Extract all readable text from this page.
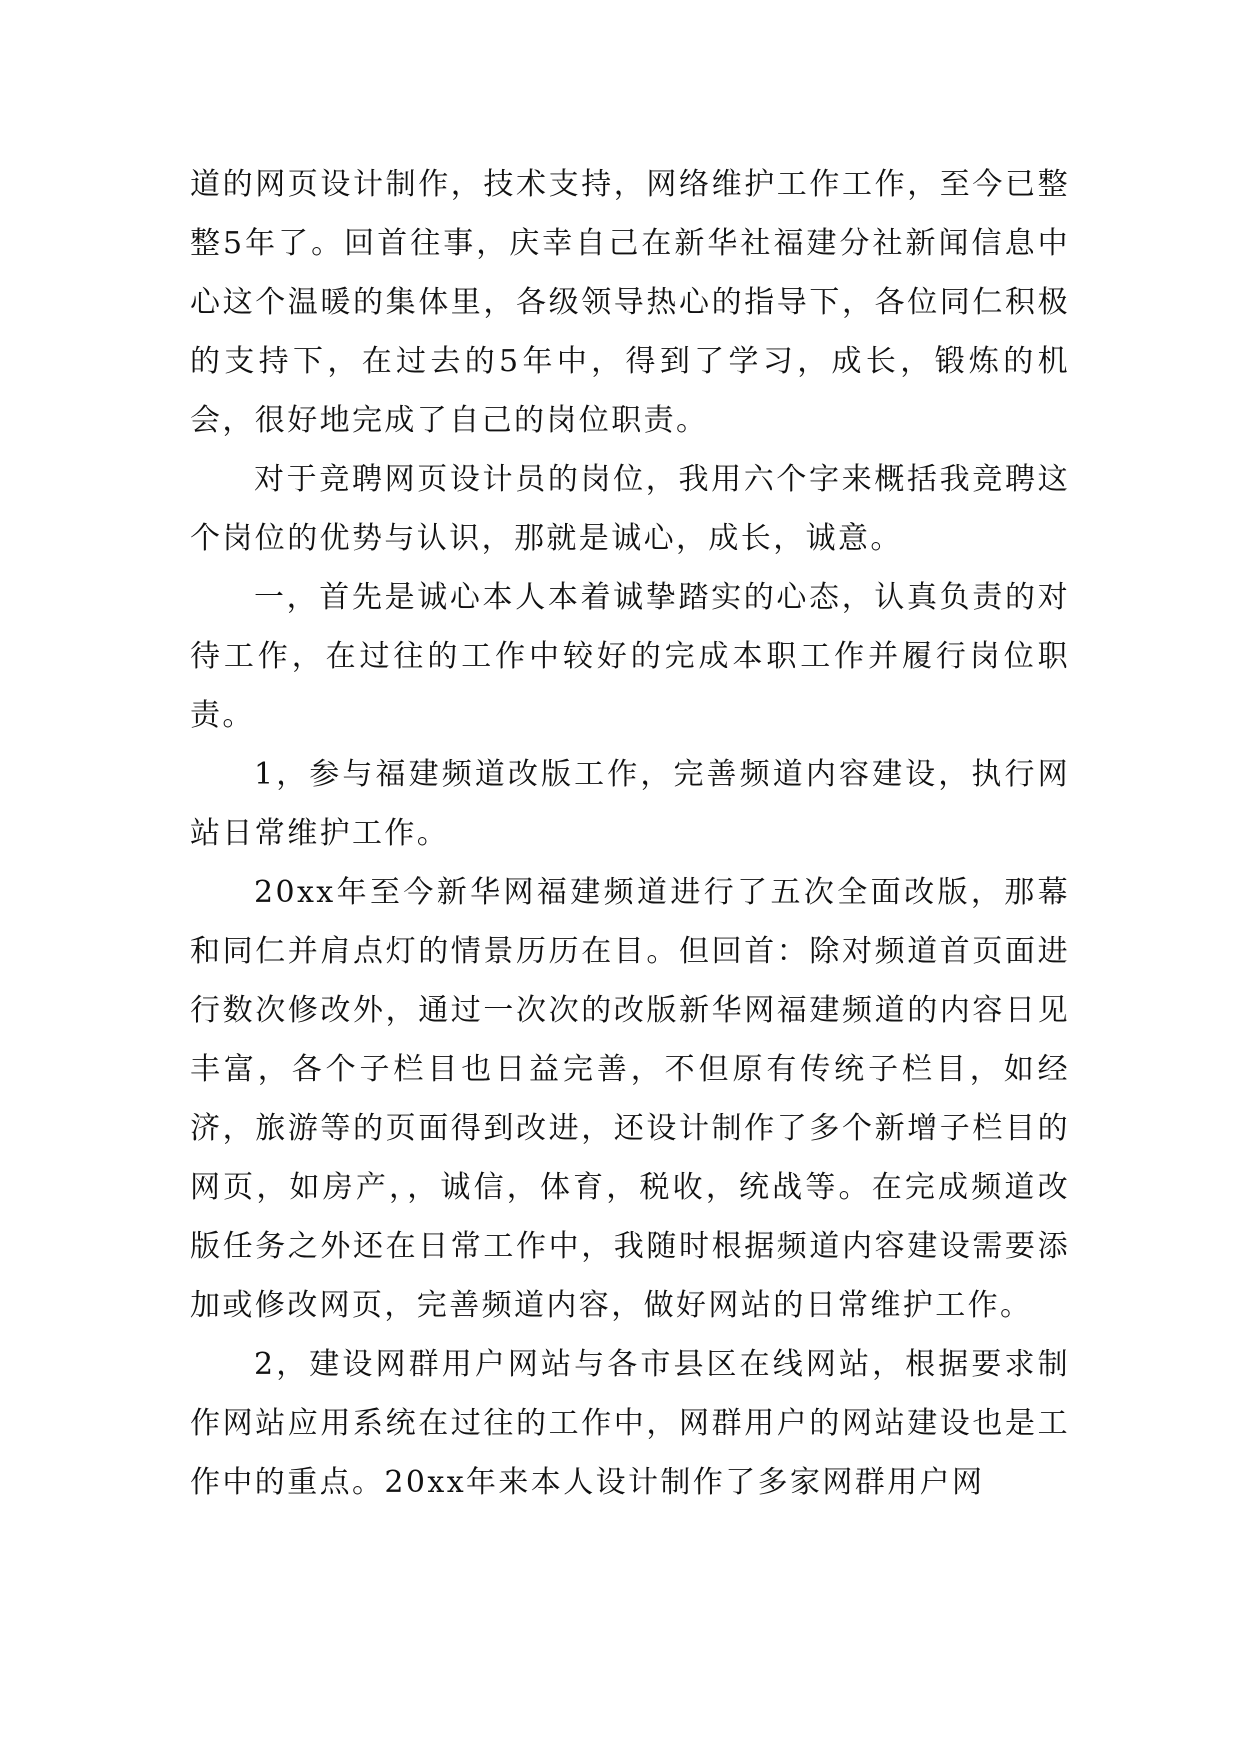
道的网页设计制作，技术支持，网络维护工作工作，至今已整整5年了。回首往事，庆幸自己在新华社福建分社新闻信息中心这个温暖的集体里，各级领导热心的指导下，各位同仁积极的支持下，在过去的5年中，得到了学习，成长，锻炼的机会，很好地完成了自己的岗位职责。

对于竞聘网页设计员的岗位，我用六个字来概括我竞聘这个岗位的优势与认识，那就是诚心，成长，诚意。

一，首先是诚心本人本着诚挚踏实的心态，认真负责的对待工作，在过往的工作中较好的完成本职工作并履行岗位职责。

1，参与福建频道改版工作，完善频道内容建设，执行网站日常维护工作。

20xx年至今新华网福建频道进行了五次全面改版，那幕和同仁并肩点灯的情景历历在目。但回首：除对频道首页面进行数次修改外，通过一次次的改版新华网福建频道的内容日见丰富，各个子栏目也日益完善，不但原有传统子栏目，如经济，旅游等的页面得到改进，还设计制作了多个新增子栏目的网页，如房产，，诚信，体育，税收，统战等。在完成频道改版任务之外还在日常工作中，我随时根据频道内容建设需要添加或修改网页，完善频道内容，做好网站的日常维护工作。

2，建设网群用户网站与各市县区在线网站，根据要求制作网站应用系统在过往的工作中，网群用户的网站建设也是工作中的重点。20xx年来本人设计制作了多家网群用户网
